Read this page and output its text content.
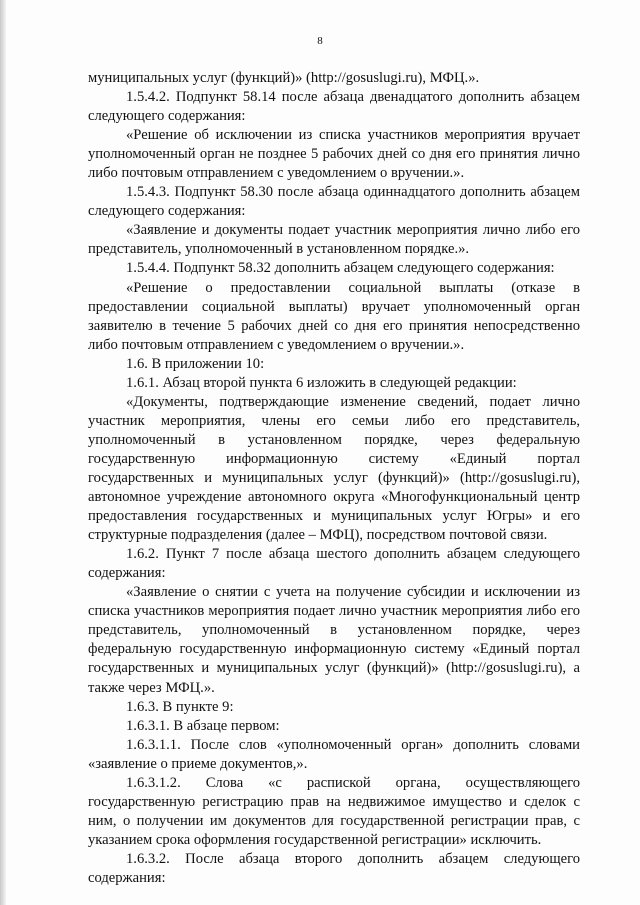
8

муниципальных услуг (функций)» (http://gosuslugi.ru), МФЦ.».

1.5.4.2. Подпункт 58.14 после абзаца двенадцатого дополнить абзацем следующего содержания:

«Решение об исключении из списка участников мероприятия вручает уполномоченный орган не позднее 5 рабочих дней со дня его принятия лично либо почтовым отправлением с уведомлением о вручении.».

1.5.4.3. Подпункт 58.30 после абзаца одиннадцатого дополнить абзацем следующего содержания:

«Заявление и документы подает участник мероприятия лично либо его представитель, уполномоченный в установленном порядке.».

1.5.4.4. Подпункт 58.32 дополнить абзацем следующего содержания:

«Решение о предоставлении социальной выплаты (отказе в предоставлении социальной выплаты) вручает уполномоченный орган заявителю в течение 5 рабочих дней со дня его принятия непосредственно либо почтовым отправлением с уведомлением о вручении.».

1.6. В приложении 10:

1.6.1. Абзац второй пункта 6 изложить в следующей редакции:

«Документы, подтверждающие изменение сведений, подает лично участник мероприятия, члены его семьи либо его представитель, уполномоченный в установленном порядке, через федеральную государственную информационную систему «Единый портал государственных и муниципальных услуг (функций)» (http://gosuslugi.ru), автономное учреждение автономного округа «Многофункциональный центр предоставления государственных и муниципальных услуг Югры» и его структурные подразделения (далее – МФЦ), посредством почтовой связи.

1.6.2. Пункт 7 после абзаца шестого дополнить абзацем следующего содержания:

«Заявление о снятии с учета на получение субсидии и исключении из списка участников мероприятия подает лично участник мероприятия либо его представитель, уполномоченный в установленном порядке, через федеральную государственную информационную систему «Единый портал государственных и муниципальных услуг (функций)» (http://gosuslugi.ru), а также через МФЦ.».

1.6.3. В пункте 9:

1.6.3.1. В абзаце первом:

1.6.3.1.1. После слов «уполномоченный орган» дополнить словами «заявление о приеме документов,».

1.6.3.1.2. Слова «с распиской органа, осуществляющего государственную регистрацию прав на недвижимое имущество и сделок с ним, о получении им документов для государственной регистрации прав, с указанием срока оформления государственной регистрации» исключить.

1.6.3.2. После абзаца второго дополнить абзацем следующего содержания:
